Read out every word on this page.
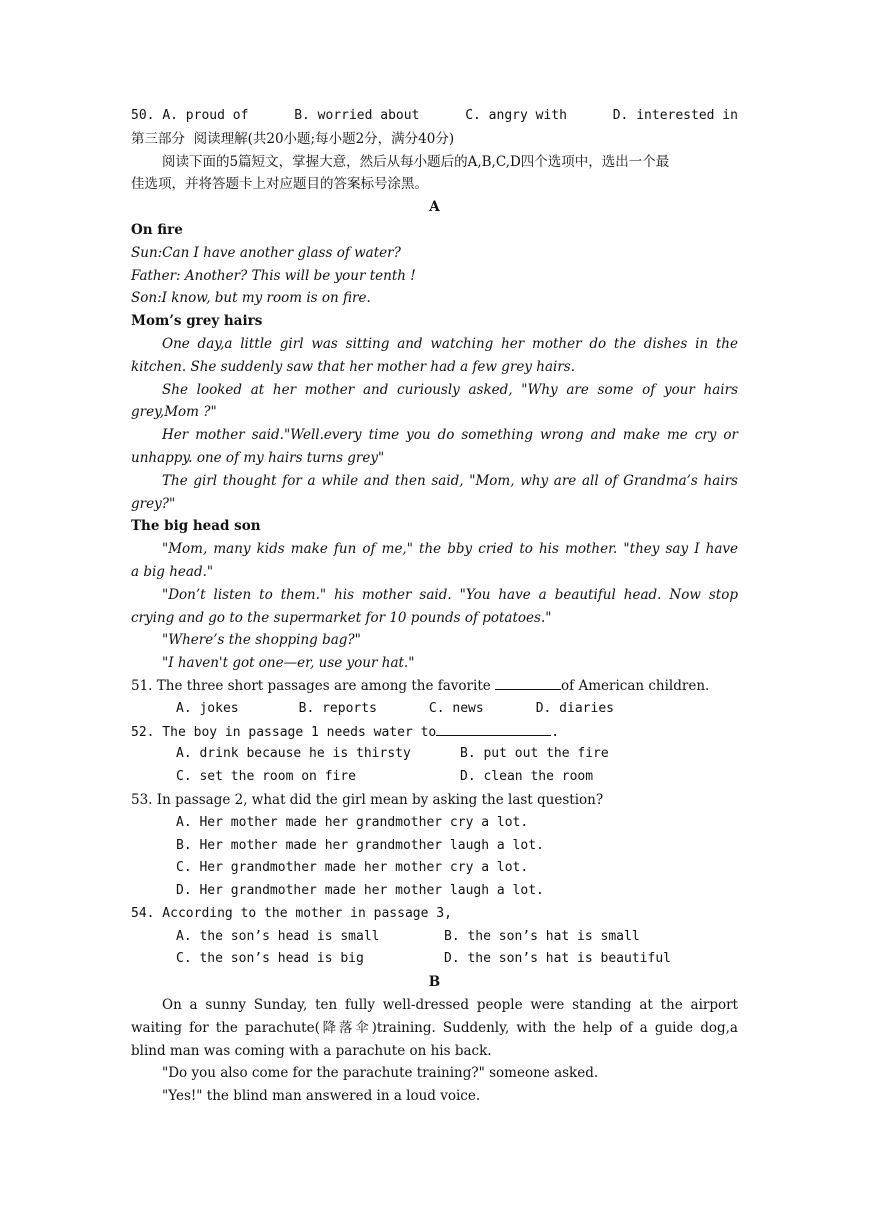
50. A. proud of	B. worried about	C. angry with	D. interested in
第三部分  阅读理解(共20小题;每小题2分，满分40分)
阅读下面的5篇短文，掌握大意，然后从每小题后的A,B,C,D四个选项中，选出一个最
佳选项，并将答题卡上对应题目的答案标号涂黑。
A
On fire
Sun:Can I have another glass of water?
Father: Another? This will be your tenth !
Son:I know, but my room is on fire.
Mom’s grey hairs
One day,a little girl was sitting and watching her mother do the dishes in the
kitchen. She suddenly saw that her mother had a few grey hairs.
She looked at her mother and curiously asked, "Why are some of your hairs
grey,Mom ?"
Her mother said."Well.every time you do something wrong and make me cry or
unhappy. one of my hairs turns grey"
The girl thought for a while and then said, "Mom, why are all of Grandma’s hairs
grey?"
The big head son
"Mom, many kids make fun of me," the bby cried to his mother. "they say I have
a big head."
"Don’t listen to them." his mother said. "You have a beautiful head. Now stop
crying and go to the supermarket for 10 pounds of potatoes."
"Where’s the shopping bag?"
"I haven't got one—er, use your hat."
51. The three short passages are among the favorite	of American children.
A. jokes	B. reports	C. news	D. diaries
52. The boy in passage 1 needs water to	.
A. drink because he is thirsty	B. put out the fire
C. set the room on fire	D. clean the room
53. In passage 2, what did the girl mean by asking the last question?
A. Her mother made her grandmother cry a lot.
B. Her mother made her grandmother laugh a lot.
C. Her grandmother made her mother cry a lot.
D. Her grandmother made her mother laugh a lot.
54. According to the mother in passage 3,
A. the son’s head is small	B. the son’s hat is small
C. the son’s head is big	D. the son’s hat is beautiful
B
On a sunny Sunday, ten fully well-dressed people were standing at the airport
waiting for the parachute(降落伞)training. Suddenly, with the help of a guide dog,a
blind man was coming with a parachute on his back.
"Do you also come for the parachute training?" someone asked.
"Yes!" the blind man answered in a loud voice.
